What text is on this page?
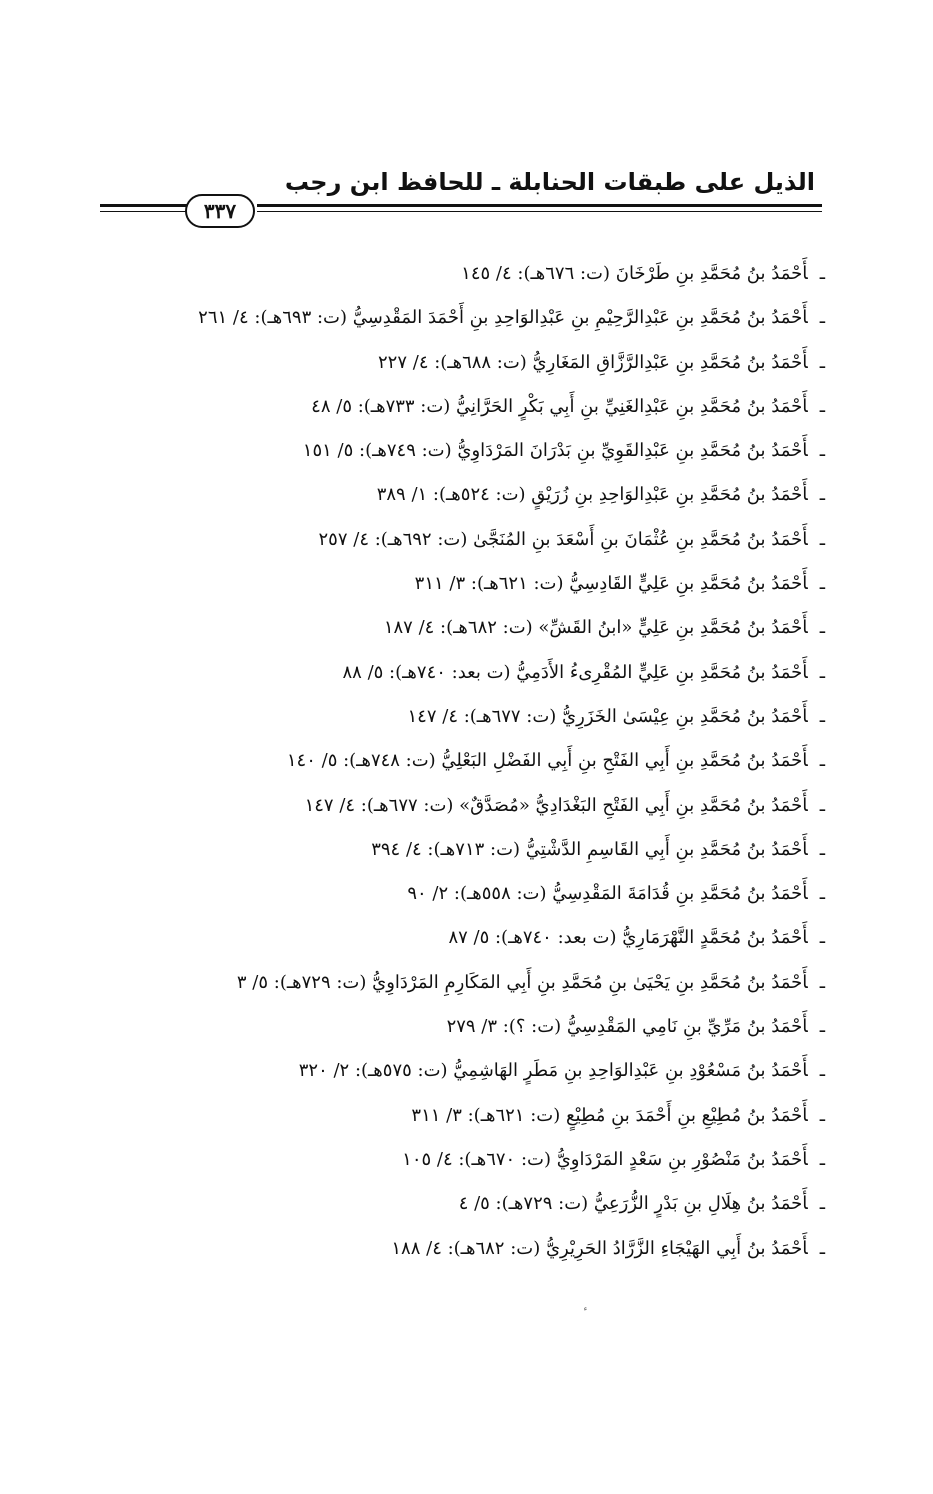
الذيل على طبقات الحنابلة ـ للحافظ ابن رجب
٣٣٧
ـأَحْمَدُ بنُ مُحَمَّدِ بنِ طَرْخَانَ (ت: ٦٧٦هـ): ٤/ ١٤٥
ـأَحْمَدُ بنُ مُحَمَّدِ بنِ عَبْدِالرَّحِيْمِ بنِ عَبْدِالوَاحِدِ بنِ أَحْمَدَ المَقْدِسِيُّ (ت: ٦٩٣هـ): ٤/ ٢٦١
ـأَحْمَدُ بنُ مُحَمَّدِ بنِ عَبْدِالرَّزَّاقِ المَغَارِيُّ (ت: ٦٨٨هـ): ٤/ ٢٢٧
ـأَحْمَدُ بنُ مُحَمَّدِ بنِ عَبْدِالغَنِيِّ بنِ أَبِي بَكْرٍ الحَرَّانِيُّ (ت: ٧٣٣هـ): ٥/ ٤٨
ـأَحْمَدُ بنُ مُحَمَّدِ بنِ عَبْدِالقَوِيِّ بنِ بَدْرَانَ المَرْدَاوِيُّ (ت: ٧٤٩هـ): ٥/ ١٥١
ـأَحْمَدُ بنُ مُحَمَّدِ بنِ عَبْدِالوَاحِدِ بنِ زُرَيْقٍ (ت: ٥٢٤هـ): ١/ ٣٨٩
ـأَحْمَدُ بنُ مُحَمَّدِ بنِ عُثْمَانَ بنِ أَسْعَدَ بنِ المُنَجَّىٰ (ت: ٦٩٢هـ): ٤/ ٢٥٧
ـأَحْمَدُ بنُ مُحَمَّدِ بنِ عَلِيٍّ القَادِسِيُّ (ت: ٦٢١هـ): ٣/ ٣١١
ـأَحْمَدُ بنُ مُحَمَّدِ بنِ عَلِيٍّ «ابنُ القَشِّ» (ت: ٦٨٢هـ): ٤/ ١٨٧
ـأَحْمَدُ بنُ مُحَمَّدِ بنِ عَلِيٍّ المُقْرِىءُ الأَدَمِيُّ (ت بعد: ٧٤٠هـ): ٥/ ٨٨
ـأَحْمَدُ بنُ مُحَمَّدِ بنِ عِيْسَىٰ الخَزَرِيُّ (ت: ٦٧٧هـ): ٤/ ١٤٧
ـأَحْمَدُ بنُ مُحَمَّدِ بنِ أَبِي الفَتْحِ بنِ أَبِي الفَضْلِ البَعْلِيُّ (ت: ٧٤٨هـ): ٥/ ١٤٠
ـأَحْمَدُ بنُ مُحَمَّدِ بنِ أَبِي الفَتْحِ البَغْدَادِيُّ «مُصَدَّقٌ» (ت: ٦٧٧هـ): ٤/ ١٤٧
ـأَحْمَدُ بنُ مُحَمَّدِ بنِ أَبِي القَاسِمِ الدَّشْتِيُّ (ت: ٧١٣هـ): ٤/ ٣٩٤
ـأَحْمَدُ بنُ مُحَمَّدِ بنِ قُدَامَةَ المَقْدِسِيُّ (ت: ٥٥٨هـ): ٢/ ٩٠
ـأَحْمَدُ بنُ مُحَمَّدٍ النَّهْرَمَارِيُّ (ت بعد: ٧٤٠هـ): ٥/ ٨٧
ـأَحْمَدُ بنُ مُحَمَّدِ بنِ يَحْيَىٰ بنِ مُحَمَّدِ بنِ أَبِي المَكَارِمِ المَرْدَاوِيُّ (ت: ٧٢٩هـ): ٥/ ٣
ـأَحْمَدُ بنُ مَرِّيِّ بنِ نَامِي المَقْدِسِيُّ (ت: ؟): ٣/ ٢٧٩
ـأَحْمَدُ بنُ مَسْعُوْدِ بنِ عَبْدِالوَاحِدِ بنِ مَطَرٍ الهَاشِمِيُّ (ت: ٥٧٥هـ): ٢/ ٣٢٠
ـأَحْمَدُ بنُ مُطِيْعِ بنِ أَحْمَدَ بنِ مُطِيْعٍ (ت: ٦٢١هـ): ٣/ ٣١١
ـأَحْمَدُ بنُ مَنْصُوْرِ بنِ سَعْدٍ المَرْدَاوِيُّ (ت: ٦٧٠هـ): ٤/ ١٠٥
ـأَحْمَدُ بنُ هِلَالِ بنِ بَدْرٍ الزُّرَعِيُّ (ت: ٧٢٩هـ): ٥/ ٤
ـأَحْمَدُ بنُ أَبِي الهَيْجَاءِ الزَّرَّادُ الحَرِيْرِيُّ (ت: ٦٨٢هـ): ٤/ ١٨٨
